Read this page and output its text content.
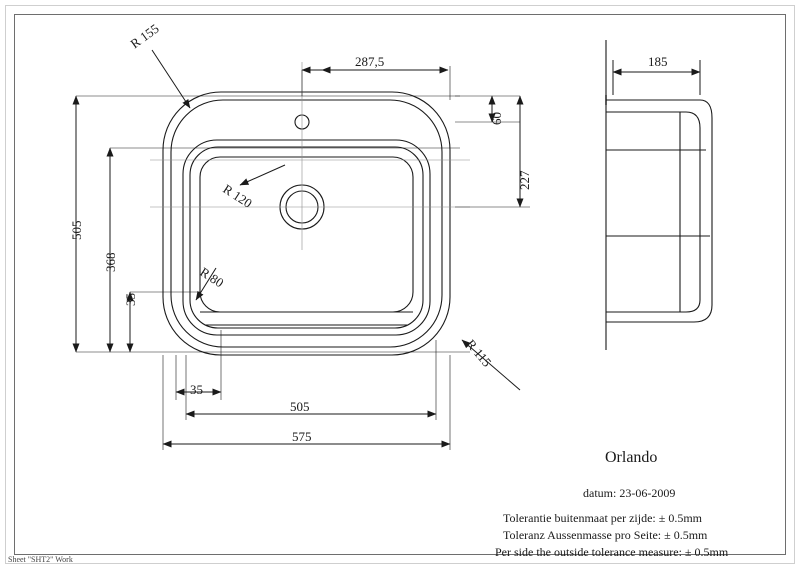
287,5	185
60
227
505
368
35
35
505
575
R 155
R 120
R 80
R 115
Orlando
datum: 23-06-2009
Tolerantie buitenmaat per zijde: ± 0.5mm
Toleranz Aussenmasse pro Seite: ± 0.5mm
Per side the outside tolerance measure: ± 0.5mm
Sheet "SHT2" Work
